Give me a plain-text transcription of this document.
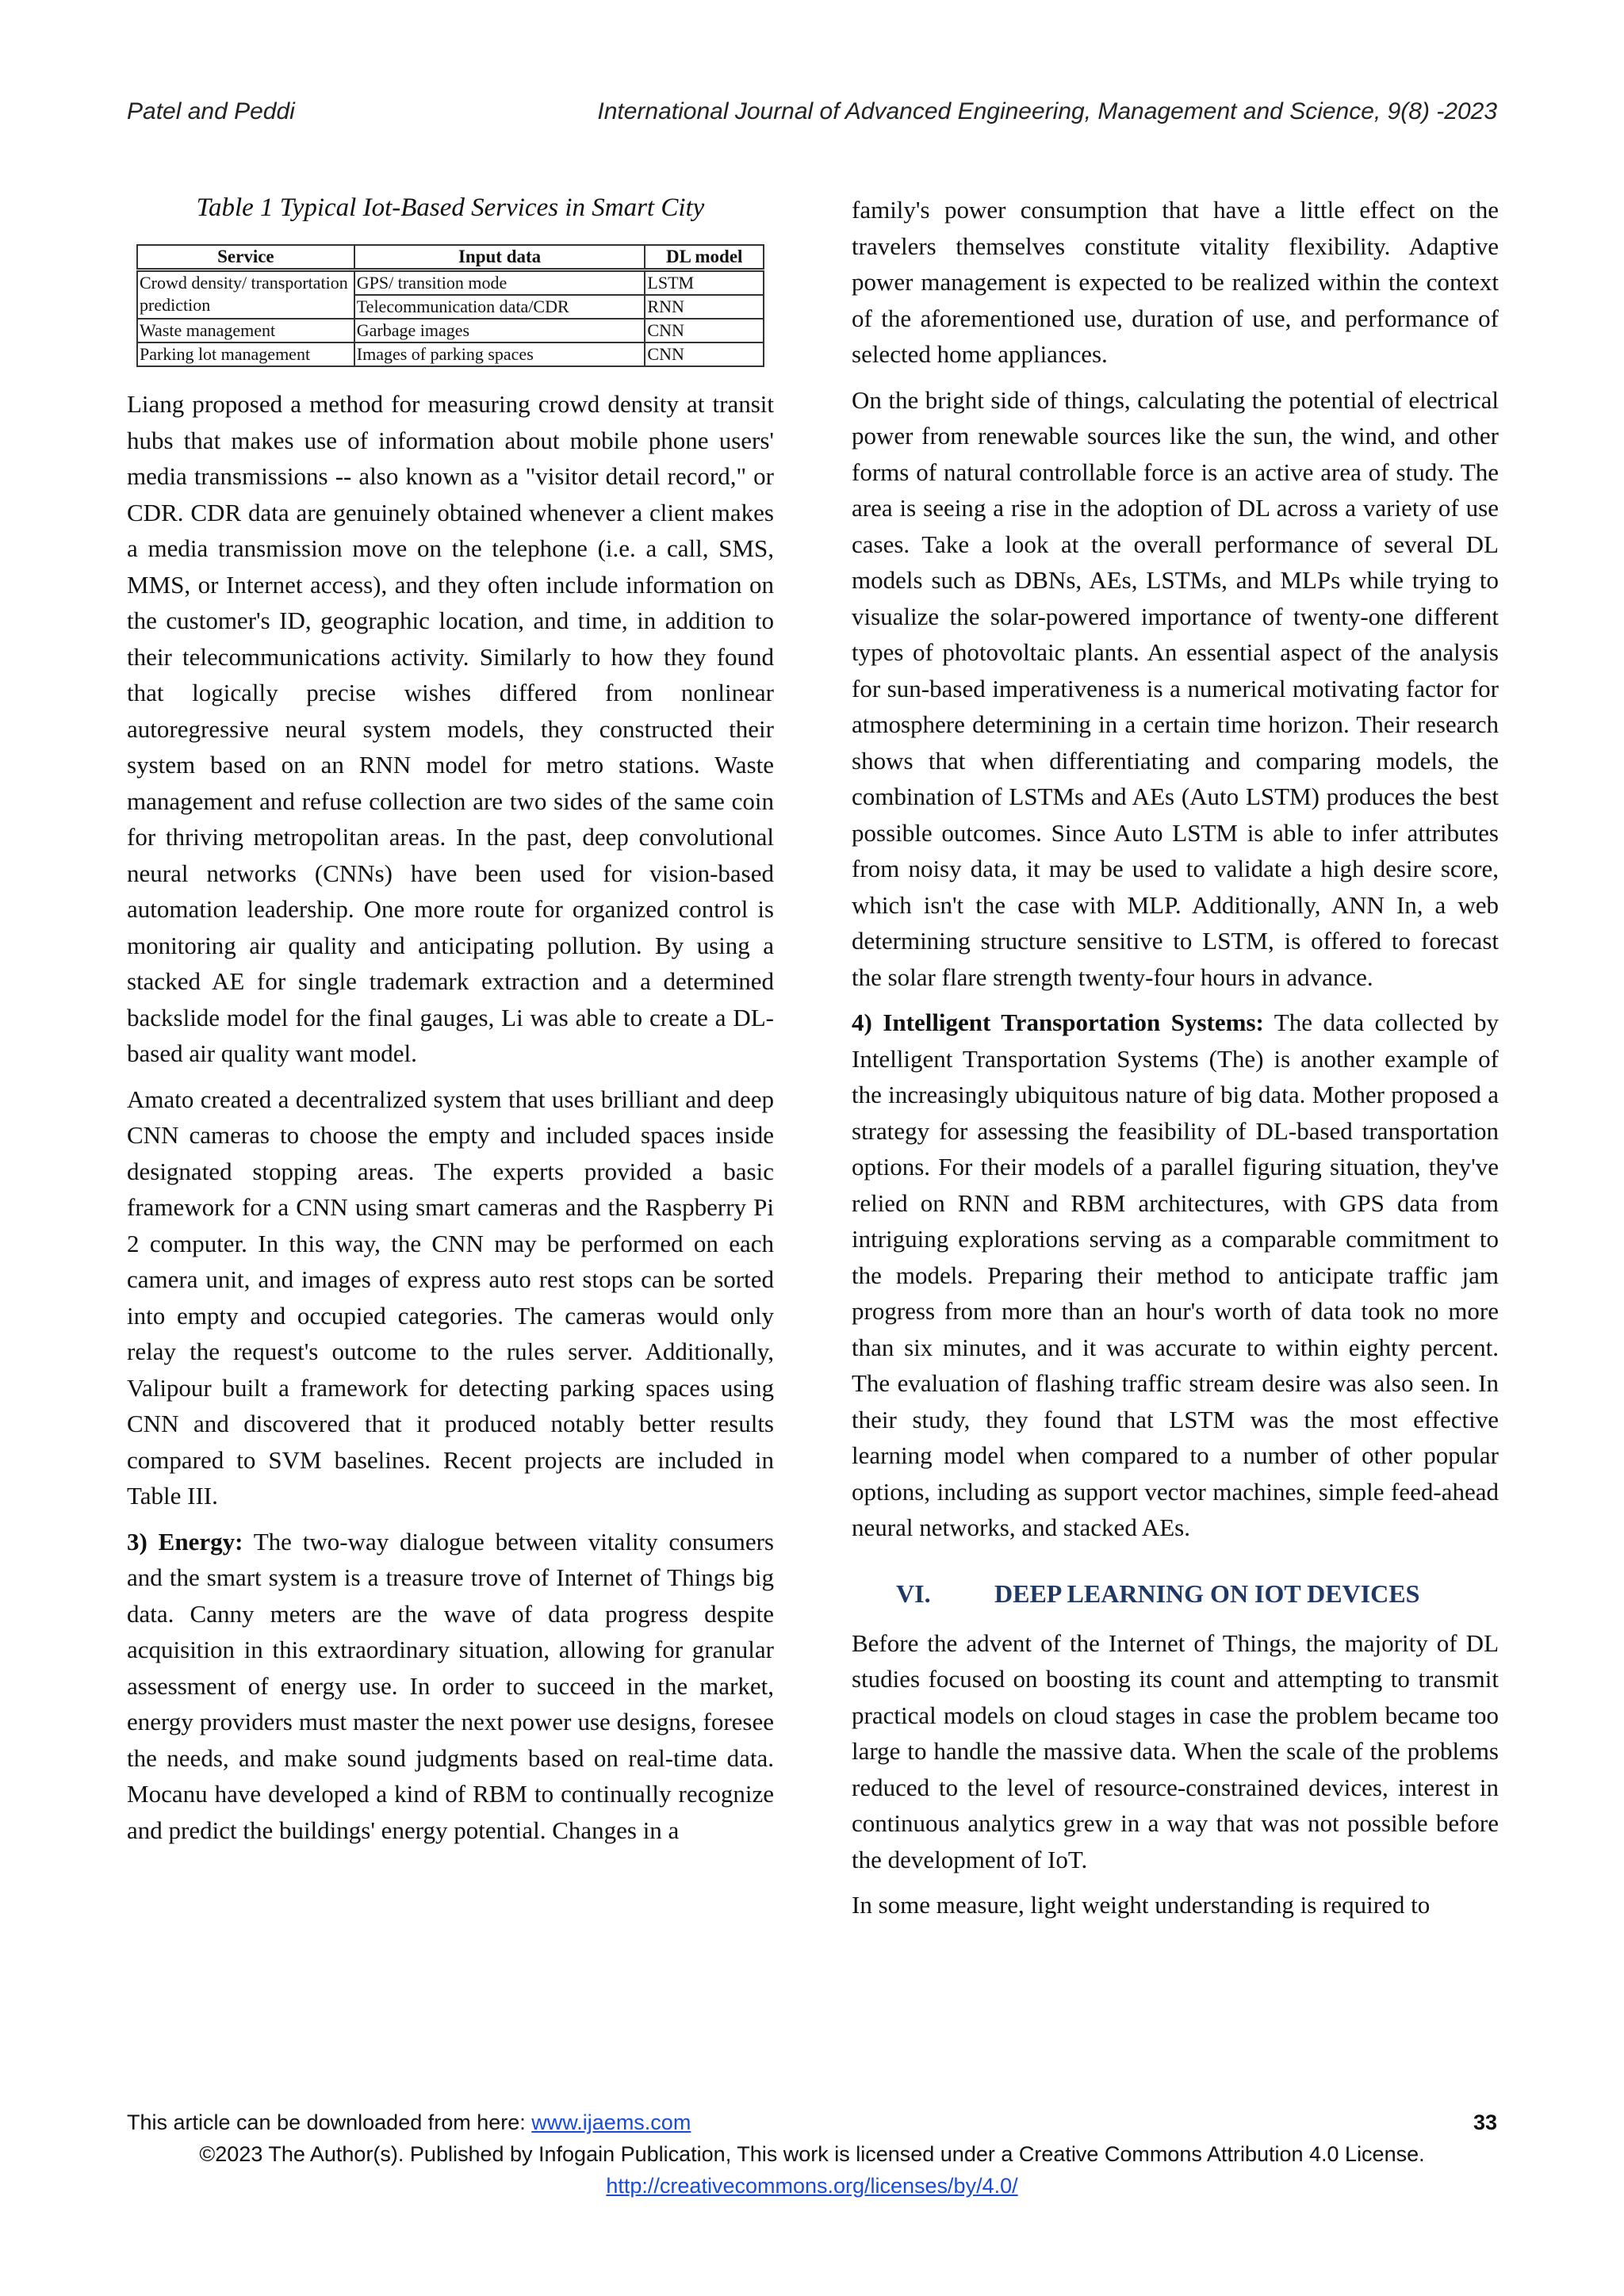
Patel and Peddi	International Journal of Advanced Engineering, Management and Science, 9(8) -2023
Table 1 Typical Iot-Based Services in Smart City
Service	Input data	DL model
Crowd density/ transportation prediction	GPS/ transition mode	LSTM
	Telecommunication data/CDR	RNN
Waste management	Garbage images	CNN
Parking lot management	Images of parking spaces	CNN

Liang proposed a method for measuring crowd density at transit hubs that makes use of information about mobile phone users' media transmissions -- also known as a "visitor detail record," or CDR. CDR data are genuinely obtained whenever a client makes a media transmission move on the telephone (i.e. a call, SMS, MMS, or Internet access), and they often include information on the customer's ID, geographic location, and time, in addition to their telecommunications activity. Similarly to how they found that logically precise wishes differed from nonlinear autoregressive neural system models, they constructed their system based on an RNN model for metro stations. Waste management and refuse collection are two sides of the same coin for thriving metropolitan areas. In the past, deep convolutional neural networks (CNNs) have been used for vision-based automation leadership. One more route for organized control is monitoring air quality and anticipating pollution. By using a stacked AE for single trademark extraction and a determined backslide model for the final gauges, Li was able to create a DL-based air quality want model.

Amato created a decentralized system that uses brilliant and deep CNN cameras to choose the empty and included spaces inside designated stopping areas. The experts provided a basic framework for a CNN using smart cameras and the Raspberry Pi 2 computer. In this way, the CNN may be performed on each camera unit, and images of express auto rest stops can be sorted into empty and occupied categories. The cameras would only relay the request's outcome to the rules server. Additionally, Valipour built a framework for detecting parking spaces using CNN and discovered that it produced notably better results compared to SVM baselines. Recent projects are included in Table III.

3) Energy: The two-way dialogue between vitality consumers and the smart system is a treasure trove of Internet of Things big data. Canny meters are the wave of data progress despite acquisition in this extraordinary situation, allowing for granular assessment of energy use. In order to succeed in the market, energy providers must master the next power use designs, foresee the needs, and make sound judgments based on real-time data. Mocanu have developed a kind of RBM to continually recognize and predict the buildings' energy potential. Changes in a

family's power consumption that have a little effect on the travelers themselves constitute vitality flexibility. Adaptive power management is expected to be realized within the context of the aforementioned use, duration of use, and performance of selected home appliances.

On the bright side of things, calculating the potential of electrical power from renewable sources like the sun, the wind, and other forms of natural controllable force is an active area of study. The area is seeing a rise in the adoption of DL across a variety of use cases. Take a look at the overall performance of several DL models such as DBNs, AEs, LSTMs, and MLPs while trying to visualize the solar-powered importance of twenty-one different types of photovoltaic plants. An essential aspect of the analysis for sun-based imperativeness is a numerical motivating factor for atmosphere determining in a certain time horizon. Their research shows that when differentiating and comparing models, the combination of LSTMs and AEs (Auto LSTM) produces the best possible outcomes. Since Auto LSTM is able to infer attributes from noisy data, it may be used to validate a high desire score, which isn't the case with MLP. Additionally, ANN In, a web determining structure sensitive to LSTM, is offered to forecast the solar flare strength twenty-four hours in advance.

4) Intelligent Transportation Systems: The data collected by Intelligent Transportation Systems (The) is another example of the increasingly ubiquitous nature of big data. Mother proposed a strategy for assessing the feasibility of DL-based transportation options. For their models of a parallel figuring situation, they've relied on RNN and RBM architectures, with GPS data from intriguing explorations serving as a comparable commitment to the models. Preparing their method to anticipate traffic jam progress from more than an hour's worth of data took no more than six minutes, and it was accurate to within eighty percent. The evaluation of flashing traffic stream desire was also seen. In their study, they found that LSTM was the most effective learning model when compared to a number of other popular options, including as support vector machines, simple feed-ahead neural networks, and stacked AEs.

VI.	DEEP LEARNING ON IOT DEVICES

Before the advent of the Internet of Things, the majority of DL studies focused on boosting its count and attempting to transmit practical models on cloud stages in case the problem became too large to handle the massive data. When the scale of the problems reduced to the level of resource-constrained devices, interest in continuous analytics grew in a way that was not possible before the development of IoT.

In some measure, light weight understanding is required to

This article can be downloaded from here: www.ijaems.com	33
©2023 The Author(s). Published by Infogain Publication, This work is licensed under a Creative Commons Attribution 4.0 License.
http://creativecommons.org/licenses/by/4.0/
